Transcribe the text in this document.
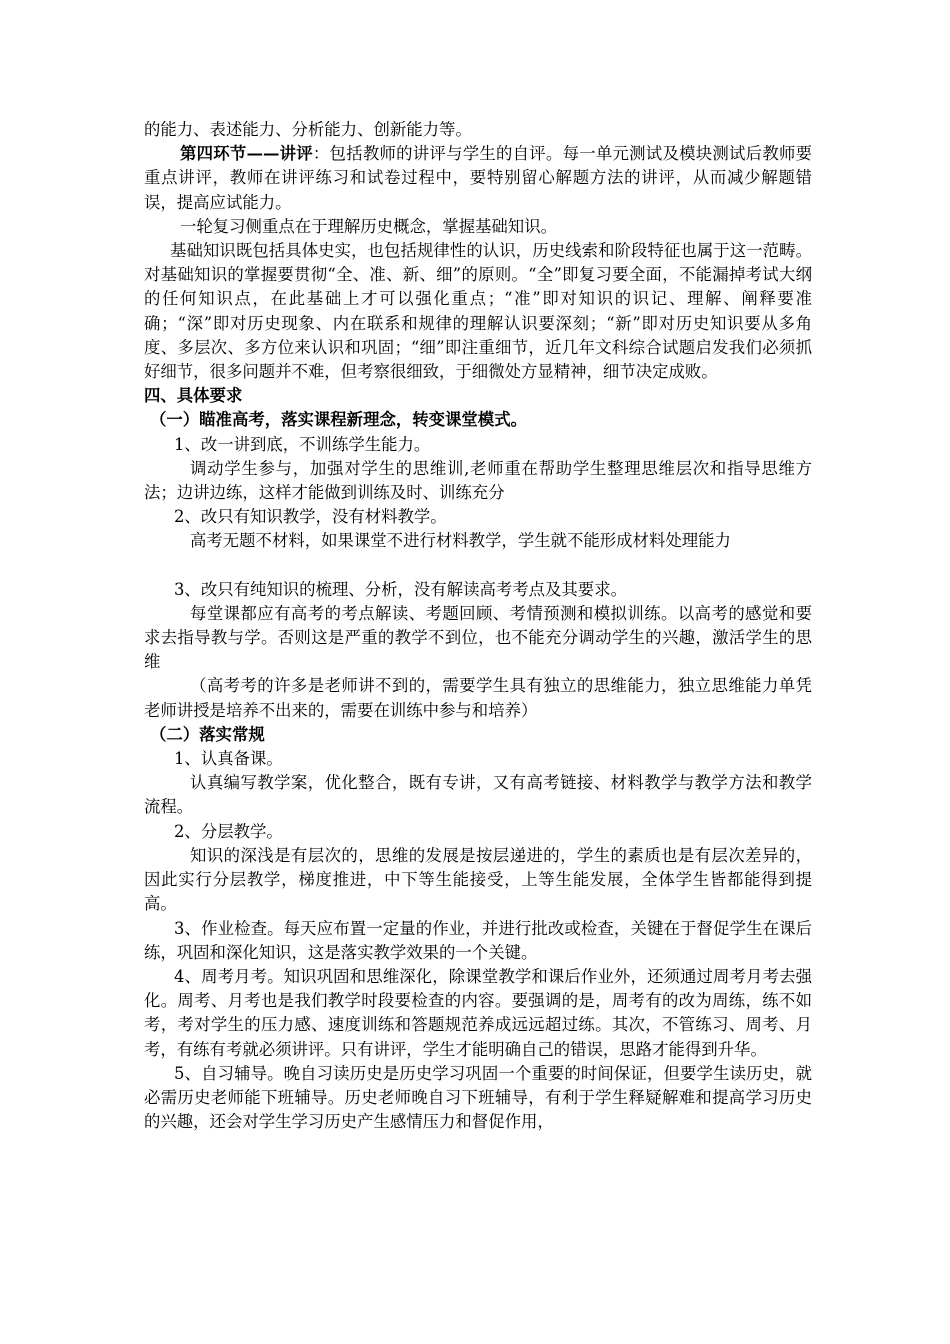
的能力、表述能力、分析能力、创新能力等。

第四环节——讲评：包括教师的讲评与学生的自评。每一单元测试及模块测试后教师要重点讲评，教师在讲评练习和试卷过程中，要特别留心解题方法的讲评，从而减少解题错误，提高应试能力。

一轮复习侧重点在于理解历史概念，掌握基础知识。

基础知识既包括具体史实，也包括规律性的认识，历史线索和阶段特征也属于这一范畴。对基础知识的掌握要贯彻“全、准、新、细”的原则。“全”即复习要全面，不能漏掉考试大纲的任何知识点，在此基础上才可以强化重点；“准”即对知识的识记、理解、阐释要准确；“深”即对历史现象、内在联系和规律的理解认识要深刻；“新”即对历史知识要从多角度、多层次、多方位来认识和巩固；“细”即注重细节，近几年文科综合试题启发我们必须抓好细节，很多问题并不难，但考察很细致，于细微处方显精神，细节决定成败。

四、具体要求

（一）瞄准高考，落实课程新理念，转变课堂模式。

1、改一讲到底，不训练学生能力。

调动学生参与，加强对学生的思维训,老师重在帮助学生整理思维层次和指导思维方法；边讲边练，这样才能做到训练及时、训练充分

2、改只有知识教学，没有材料教学。

高考无题不材料，如果课堂不进行材料教学，学生就不能形成材料处理能力

3、改只有纯知识的梳理、分析，没有解读高考考点及其要求。

每堂课都应有高考的考点解读、考题回顾、考情预测和模拟训练。以高考的感觉和要求去指导教与学。否则这是严重的教学不到位，也不能充分调动学生的兴趣，激活学生的思维

（高考考的许多是老师讲不到的，需要学生具有独立的思维能力，独立思维能力单凭老师讲授是培养不出来的，需要在训练中参与和培养）

（二）落实常规

1、认真备课。

认真编写教学案，优化整合，既有专讲，又有高考链接、材料教学与教学方法和教学流程。

2、分层教学。

知识的深浅是有层次的，思维的发展是按层递进的，学生的素质也是有层次差异的，因此实行分层教学，梯度推进，中下等生能接受，上等生能发展，全体学生皆都能得到提高。

3、作业检查。每天应布置一定量的作业，并进行批改或检查，关键在于督促学生在课后练，巩固和深化知识，这是落实教学效果的一个关键。

4、周考月考。知识巩固和思维深化，除课堂教学和课后作业外，还须通过周考月考去强化。周考、月考也是我们教学时段要检查的内容。要强调的是，周考有的改为周练，练不如考，考对学生的压力感、速度训练和答题规范养成远远超过练。其次，不管练习、周考、月考，有练有考就必须讲评。只有讲评，学生才能明确自己的错误，思路才能得到升华。

5、自习辅导。晚自习读历史是历史学习巩固一个重要的时间保证，但要学生读历史，就必需历史老师能下班辅导。历史老师晚自习下班辅导，有利于学生释疑解难和提高学习历史的兴趣，还会对学生学习历史产生感情压力和督促作用，
